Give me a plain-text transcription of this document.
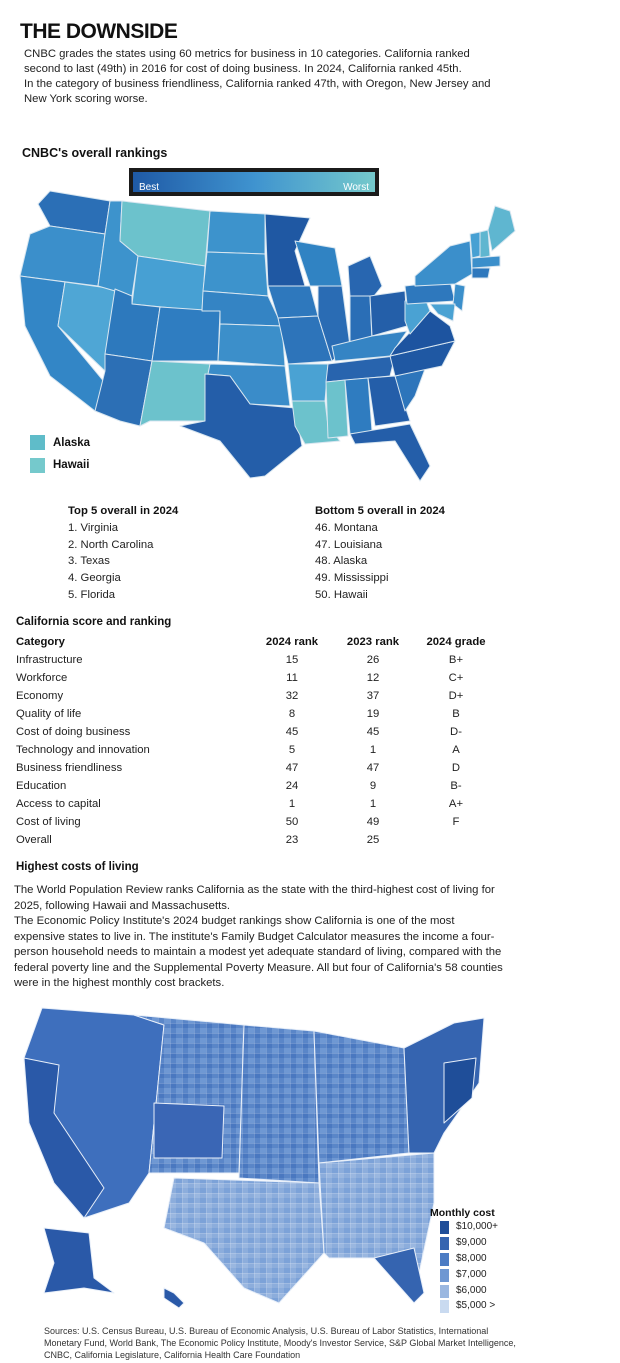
THE DOWNSIDE

CNBC grades the states using 60 metrics for business in 10 categories. California ranked second to last (49th) in 2016 for cost of doing business. In 2024, California ranked 45th.

In the category of business friendliness, California ranked 47th, with Oregon, New Jersey and New York scoring worse.

CNBC's overall rankings
Best	Worst
Alaska
Hawaii
Top 5 overall in 2024
1. Virginia
2. North Carolina
3. Texas
4. Georgia
5. Florida
Bottom 5 overall in 2024
46. Montana
47. Louisiana
48. Alaska
49. Mississippi
50. Hawaii
California score and ranking
Category	2024 rank	2023 rank	2024 grade
Infrastructure	15	26	B+
Workforce	11	12	C+
Economy	32	37	D+
Quality of life	8	19	B
Cost of doing business	45	45	D-
Technology and innovation	5	1	A
Business friendliness	47	47	D
Education	24	9	B-
Access to capital	1	1	A+
Cost of living	50	49	F
Overall	23	25	
Highest costs of living

The World Population Review ranks California as the state with the third-highest cost of living for 2025, following Hawaii and Massachusetts.

The Economic Policy Institute's 2024 budget rankings show California is one of the most expensive states to live in. The institute's Family Budget Calculator measures the income a four-person household needs to maintain a modest yet adequate standard of living, compared with the federal poverty line and the Supplemental Poverty Measure. All but four of California's 58 counties were in the highest monthly cost brackets.

Monthly cost
$10,000+
$9,000
$8,000
$7,000
$6,000
$5,000 >
Sources: U.S. Census Bureau, U.S. Bureau of Economic Analysis, U.S. Bureau of Labor Statistics, International Monetary Fund, World Bank, The Economic Policy Institute, Moody's Investor Service, S&P Global Market Intelligence, CNBC, California Legislature, California Health Care Foundation
